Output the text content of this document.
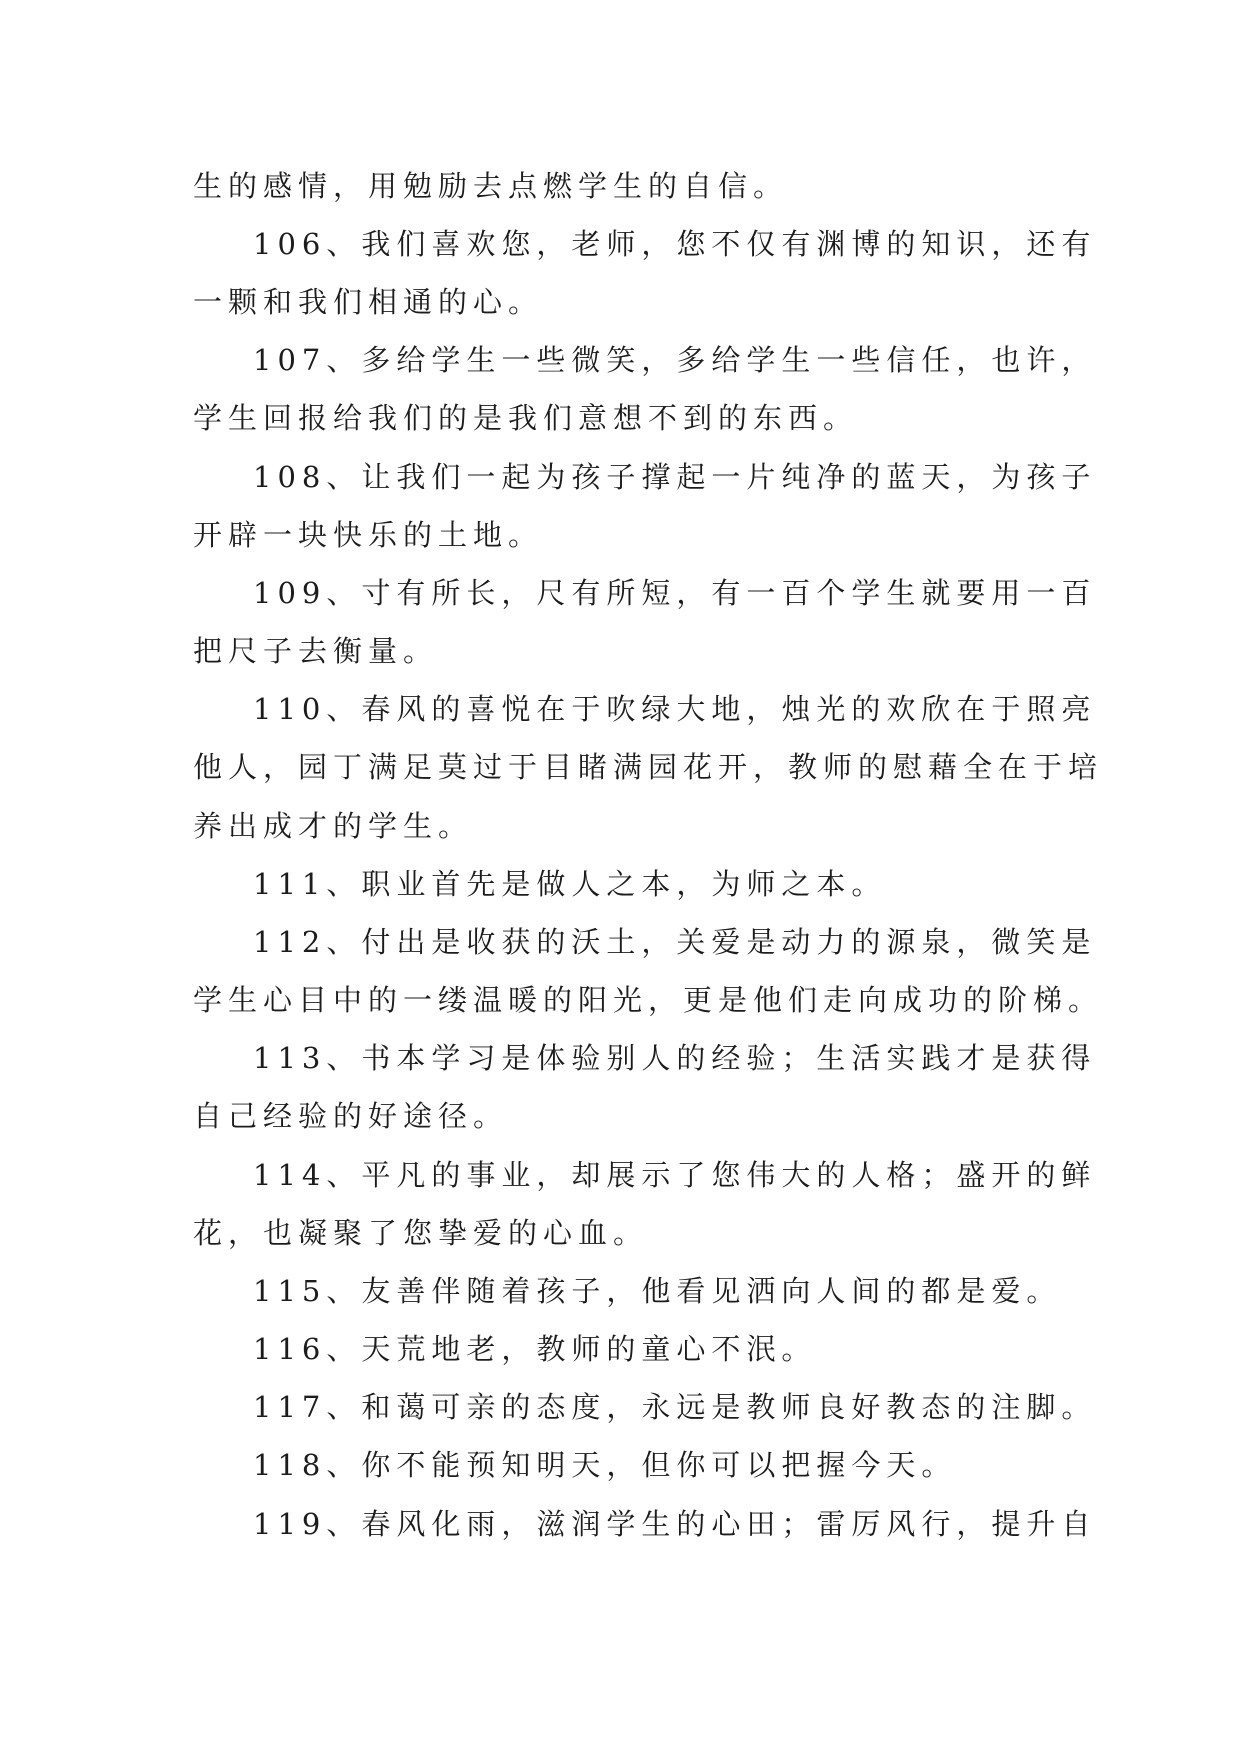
生的感情，用勉励去点燃学生的自信。
106、我们喜欢您，老师，您不仅有渊博的知识，还有
一颗和我们相通的心。
107、多给学生一些微笑，多给学生一些信任，也许，
学生回报给我们的是我们意想不到的东西。
108、让我们一起为孩子撑起一片纯净的蓝天，为孩子
开辟一块快乐的土地。
109、寸有所长，尺有所短，有一百个学生就要用一百
把尺子去衡量。
110、春风的喜悦在于吹绿大地，烛光的欢欣在于照亮
他人，园丁满足莫过于目睹满园花开，教师的慰藉全在于培
养出成才的学生。
111、职业首先是做人之本，为师之本。
112、付出是收获的沃土，关爱是动力的源泉，微笑是
学生心目中的一缕温暖的阳光，更是他们走向成功的阶梯。
113、书本学习是体验别人的经验；生活实践才是获得
自己经验的好途径。
114、平凡的事业，却展示了您伟大的人格；盛开的鲜
花，也凝聚了您挚爱的心血。
115、友善伴随着孩子，他看见洒向人间的都是爱。
116、天荒地老，教师的童心不泯。
117、和蔼可亲的态度，永远是教师良好教态的注脚。
118、你不能预知明天，但你可以把握今天。
119、春风化雨，滋润学生的心田；雷厉风行，提升自
